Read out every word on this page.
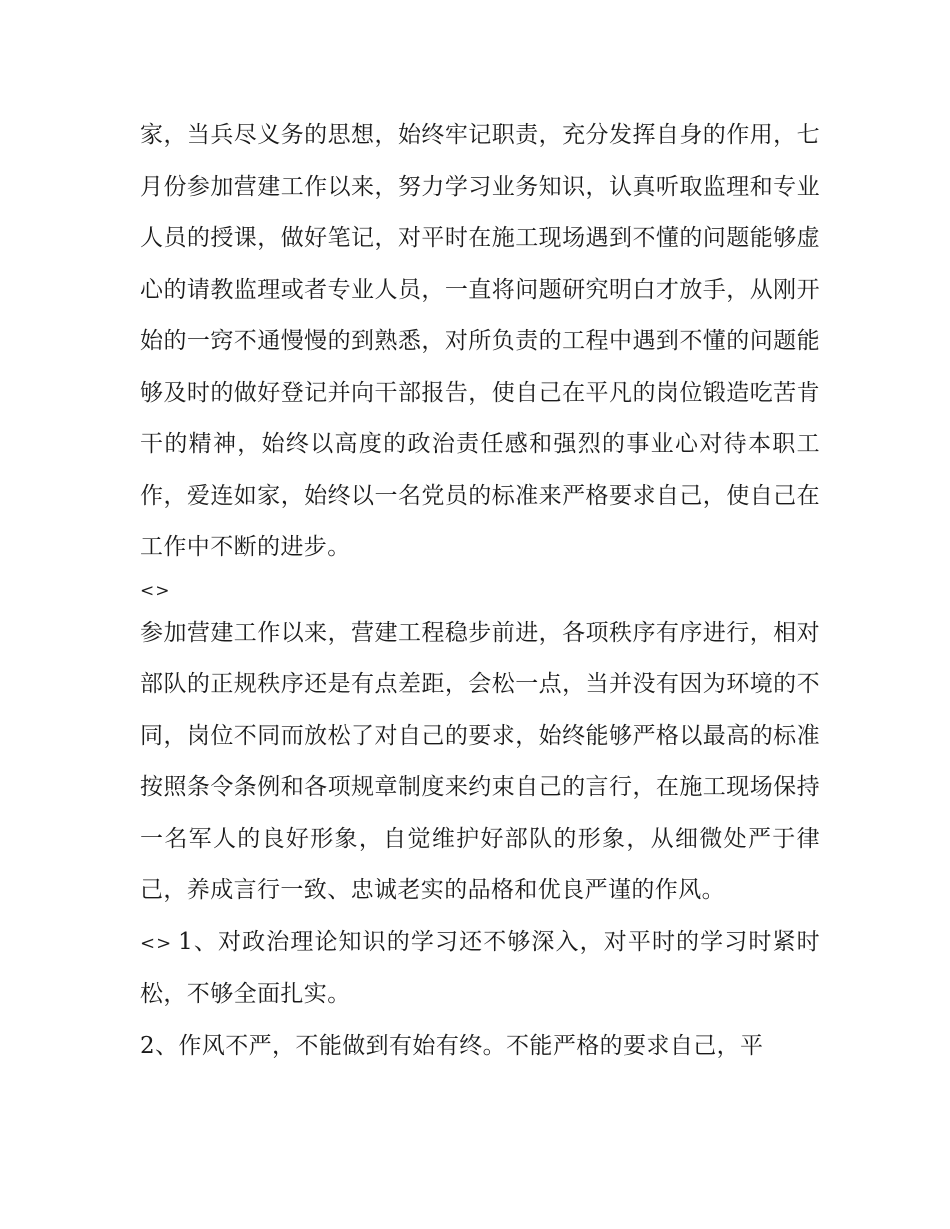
家，当兵尽义务的思想，始终牢记职责，充分发挥自身的作用，七月份参加营建工作以来，努力学习业务知识，认真听取监理和专业人员的授课，做好笔记，对平时在施工现场遇到不懂的问题能够虚心的请教监理或者专业人员，一直将问题研究明白才放手，从刚开始的一窍不通慢慢的到熟悉，对所负责的工程中遇到不懂的问题能够及时的做好登记并向干部报告，使自己在平凡的岗位锻造吃苦肯干的精神，始终以高度的政治责任感和强烈的事业心对待本职工作，爱连如家，始终以一名党员的标准来严格要求自己，使自己在工作中不断的进步。

<>

参加营建工作以来，营建工程稳步前进，各项秩序有序进行，相对部队的正规秩序还是有点差距，会松一点，当并没有因为环境的不同，岗位不同而放松了对自己的要求，始终能够严格以最高的标准按照条令条例和各项规章制度来约束自己的言行，在施工现场保持一名军人的良好形象，自觉维护好部队的形象，从细微处严于律己，养成言行一致、忠诚老实的品格和优良严谨的作风。

<> 1、对政治理论知识的学习还不够深入，对平时的学习时紧时松，不够全面扎实。

2、作风不严，不能做到有始有终。不能严格的要求自己，平
